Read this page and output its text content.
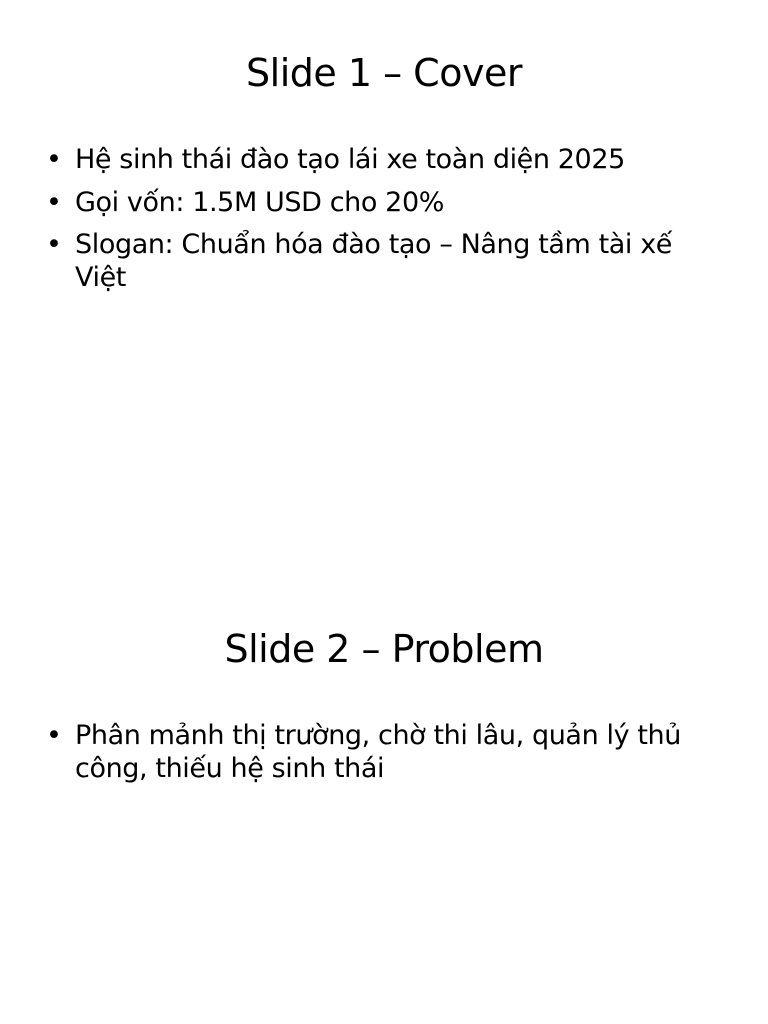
Slide 1 – Cover
• Hệ sinh thái đào tạo lái xe toàn diện 2025
• Gọi vốn: 1.5M USD cho 20%
• Slogan: Chuẩn hóa đào tạo – Nâng tầm tài xế Việt
Slide 2 – Problem
• Phân mảnh thị trường, chờ thi lâu, quản lý thủ công, thiếu hệ sinh thái
